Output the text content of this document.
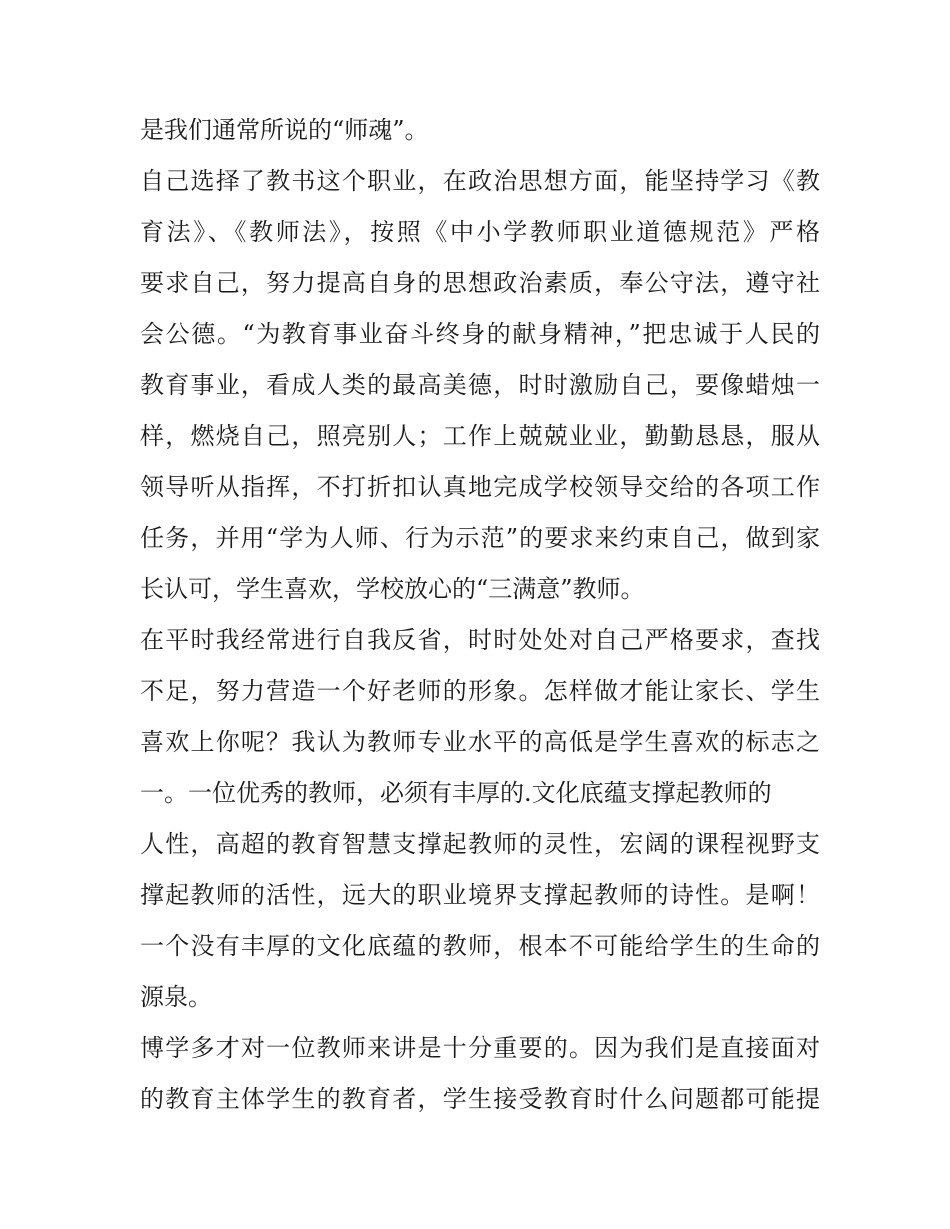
是我们通常所说的“师魂”。
自己选择了教书这个职业，在政治思想方面，能坚持学习《教
育法》、《教师法》，按照《中小学教师职业道德规范》严格
要求自己，努力提高自身的思想政治素质，奉公守法，遵守社
会公德。“为教育事业奋斗终身的献身精神，”把忠诚于人民的
教育事业，看成人类的最高美德，时时激励自己，要像蜡烛一
样，燃烧自己，照亮别人；工作上兢兢业业，勤勤恳恳，服从
领导听从指挥，不打折扣认真地完成学校领导交给的各项工作
任务，并用“学为人师、行为示范”的要求来约束自己，做到家
长认可，学生喜欢，学校放心的“三满意”教师。
在平时我经常进行自我反省，时时处处对自己严格要求，查找
不足，努力营造一个好老师的形象。怎样做才能让家长、学生
喜欢上你呢？我认为教师专业水平的高低是学生喜欢的标志之
一。一位优秀的教师，必须有丰厚的.文化底蕴支撑起教师的
人性，高超的教育智慧支撑起教师的灵性，宏阔的课程视野支
撑起教师的活性，远大的职业境界支撑起教师的诗性。是啊！
一个没有丰厚的文化底蕴的教师，根本不可能给学生的生命的
源泉。
博学多才对一位教师来讲是十分重要的。因为我们是直接面对
的教育主体学生的教育者，学生接受教育时什么问题都可能提
